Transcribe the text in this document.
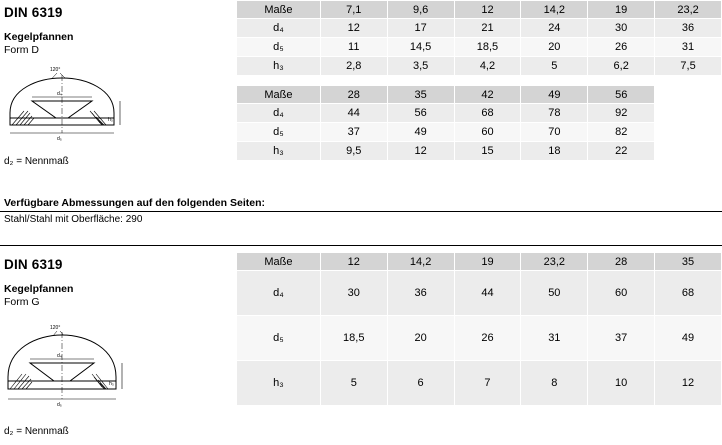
DIN 6319
Kegelpfannen
Form D
120°
d₄
d₅
h₃
d₂ = Nennmaß
Maße	7,1	9,6	12	14,2	19	23,2
d₄	12	17	21	24	30	36
d₅	11	14,5	18,5	20	26	31
h₃	2,8	3,5	4,2	5	6,2	7,5
Maße	28	35	42	49	56	
d₄	44	56	68	78	92	
d₅	37	49	60	70	82	
h₃	9,5	12	15	18	22	
Verfügbare Abmessungen auf den folgenden Seiten:
Stahl/Stahl mit Oberfläche: 290
DIN 6319
Kegelpfannen
Form G
120°
d₄
d₅
h₃
d₂ = Nennmaß
Maße	12	14,2	19	23,2	28	35
d₄	30	36	44	50	60	68
d₅	18,5	20	26	31	37	49
h₃	5	6	7	8	10	12
